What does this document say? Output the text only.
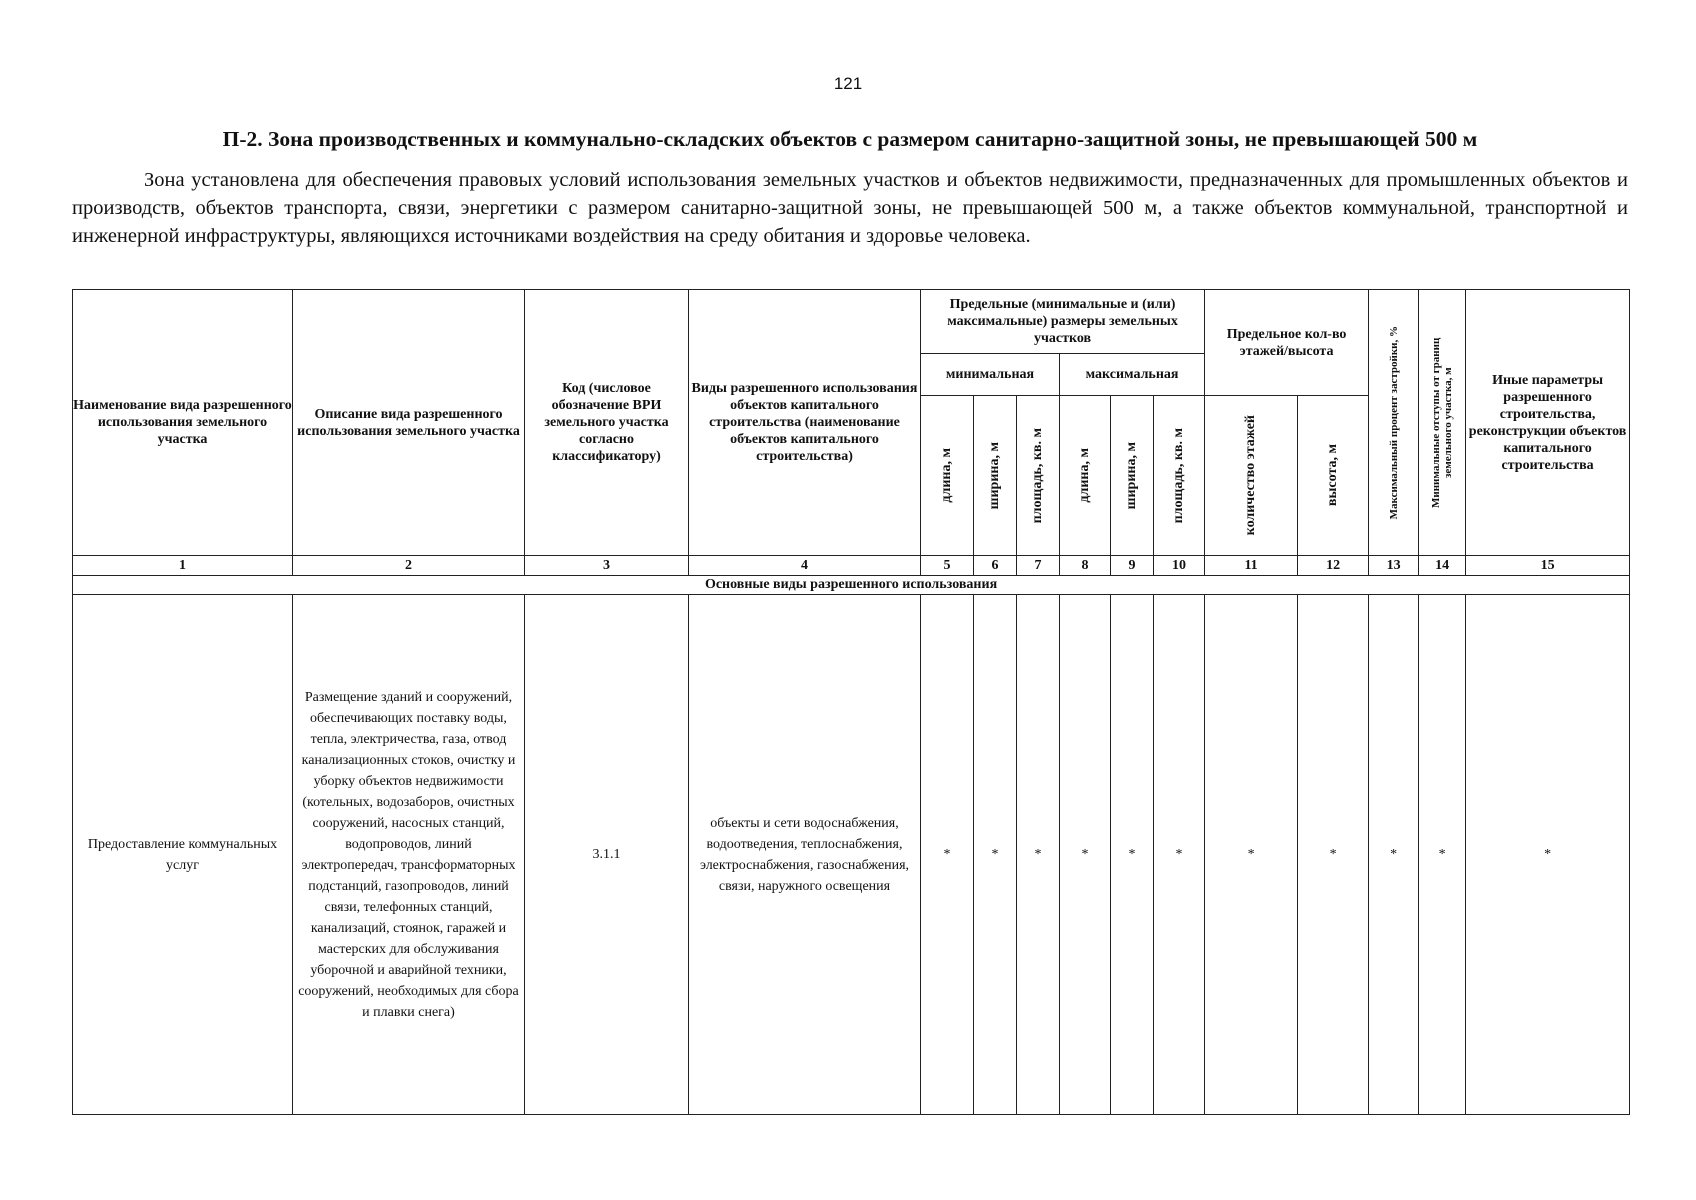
121
П-2. Зона производственных и коммунально-складских объектов с размером санитарно-защитной зоны, не превышающей 500 м

Зона установлена для обеспечения правовых условий использования земельных участков и объектов недвижимости, предназначенных для промышленных объектов и производств, объектов транспорта, связи, энергетики с размером санитарно-защитной зоны, не превышающей 500 м, а также объектов коммунальной, транспортной и инженерной инфраструктуры, являющихся источниками воздействия на среду обитания и здоровье человека.

Наименование вида разрешенного использования земельного участка	Описание вида разрешенного использования земельного участка	Код (числовое обозначение ВРИ земельного участка согласно классификатору)	Виды разрешенного использования объектов капитального строительства (наименование объектов капитального строительства)	Предельные (минимальные и (или) максимальные) размеры земельных участков						Предельное кол-во этажей/высота		Максимальный процент застройки, %	Минимальные отступы от границ земельного участка, м	Иные параметры разрешенного строительства, реконструкции объектов капитального строительства
				минимальная			максимальная							

				длина, м	ширина, м	площадь, кв. м	длина, м	ширина, м	площадь, кв. м	количество этажей	высота, м			

1	2	3	4	5	6	7	8	9	10	11	12	13	14	15
Основные виды разрешенного использования														
Предоставление коммунальных услуг	Размещение зданий и сооружений, обеспечивающих поставку воды, тепла, электричества, газа, отвод канализационных стоков, очистку и уборку объектов недвижимости (котельных, водозаборов, очистных сооружений, насосных станций, водопроводов, линий электропередач, трансформаторных подстанций, газопроводов, линий связи, телефонных станций, канализаций, стоянок, гаражей и мастерских для обслуживания уборочной и аварийной техники, сооружений, необходимых для сбора и плавки снега)	3.1.1	объекты и сети водоснабжения, водоотведения, теплоснабжения, электроснабжения, газоснабжения, связи, наружного освещения	*	*	*	*	*	*	*	*	*	*	*
